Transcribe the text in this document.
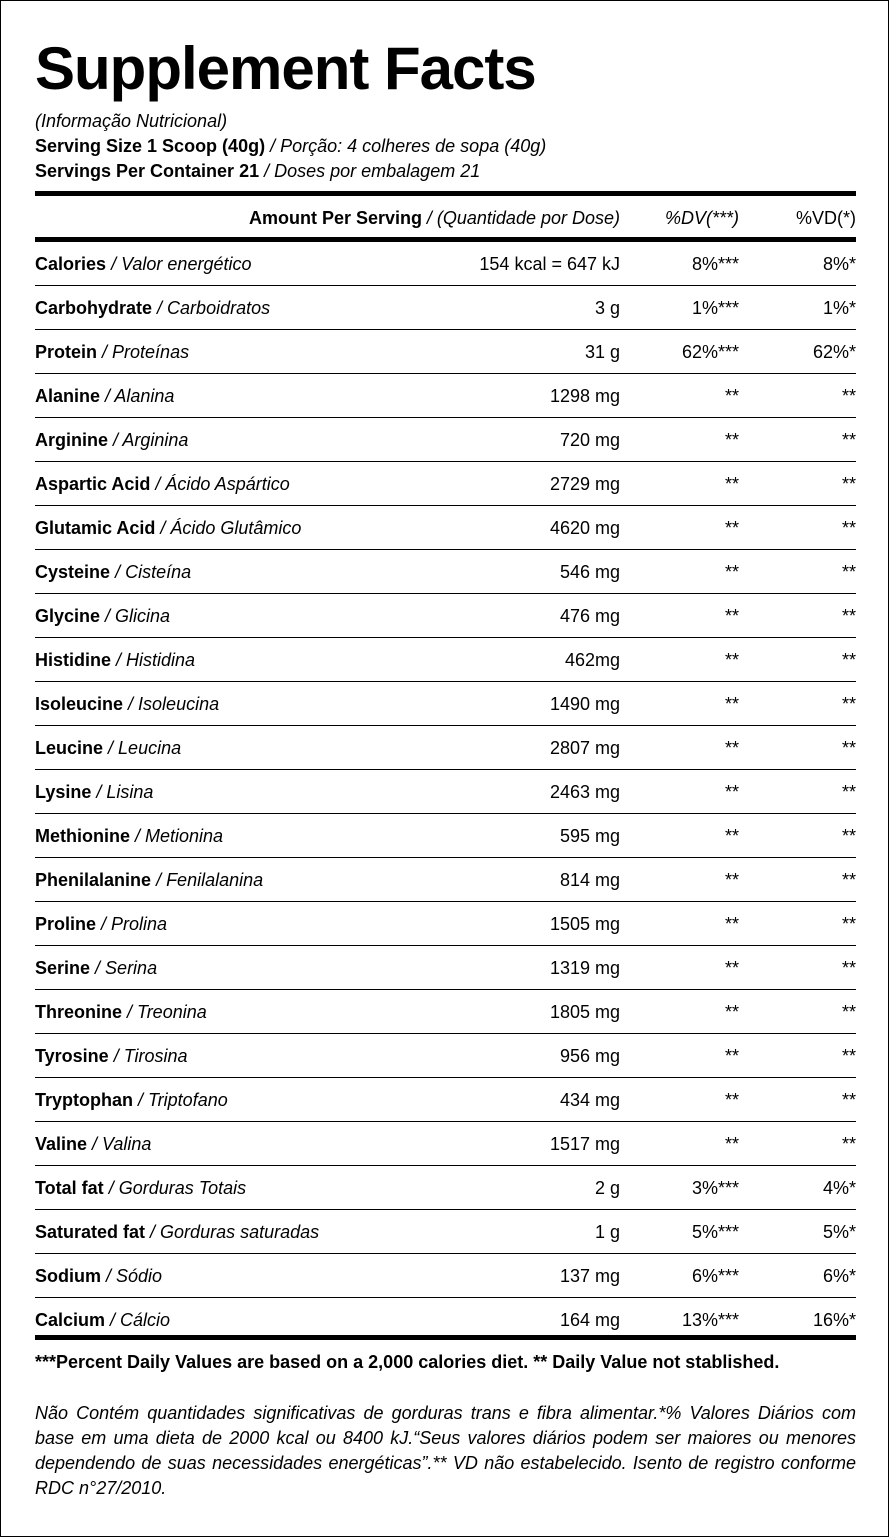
Supplement Facts
(Informação Nutricional)
Serving Size 1 Scoop (40g) / Porção: 4 colheres de sopa (40g)
Servings Per Container 21 / Doses por embalagem 21
Amount Per Serving / (Quantidade por Dose) %DV(***)	%VD(*)
Calories / Valor energético	154 kcal = 647 kJ	8%***	8%*
Carbohydrate / Carboidratos	3 g	1%***	1%*
Protein / Proteínas	31 g	62%***	62%*
Alanine / Alanina	1298 mg	**	**
Arginine / Arginina	720 mg	**	**
Aspartic Acid / Ácido Aspártico	2729 mg	**	**
Glutamic Acid / Ácido Glutâmico	4620 mg	**	**
Cysteine / Cisteína	546 mg	**	**
Glycine / Glicina	476 mg	**	**
Histidine / Histidina	462mg	**	**
Isoleucine / Isoleucina	1490 mg	**	**
Leucine / Leucina	2807 mg	**	**
Lysine / Lisina	2463 mg	**	**
Methionine / Metionina	595 mg	**	**
Phenilalanine / Fenilalanina	814 mg	**	**
Proline / Prolina	1505 mg	**	**
Serine / Serina	1319 mg	**	**
Threonine / Treonina	1805 mg	**	**
Tyrosine / Tirosina	956 mg	**	**
Tryptophan / Triptofano	434 mg	**	**
Valine / Valina	1517 mg	**	**
Total fat / Gorduras Totais	2 g	3%***	4%*
Saturated fat / Gorduras saturadas	1 g	5%***	5%*
Sodium / Sódio	137 mg	6%***	6%*
Calcium / Cálcio	164 mg	13%***	16%*
***Percent Daily Values are based on a 2,000 calories diet. ** Daily Value not stablished.
Não Contém quantidades significativas de gorduras trans e fibra alimentar.*% Valores Diários com base em uma dieta de 2000 kcal ou 8400 kJ.“Seus valores diários podem ser maiores ou menores dependendo de suas necessidades energéticas”.** VD não estabelecido. Isento de registro conforme RDC n°27/2010.
